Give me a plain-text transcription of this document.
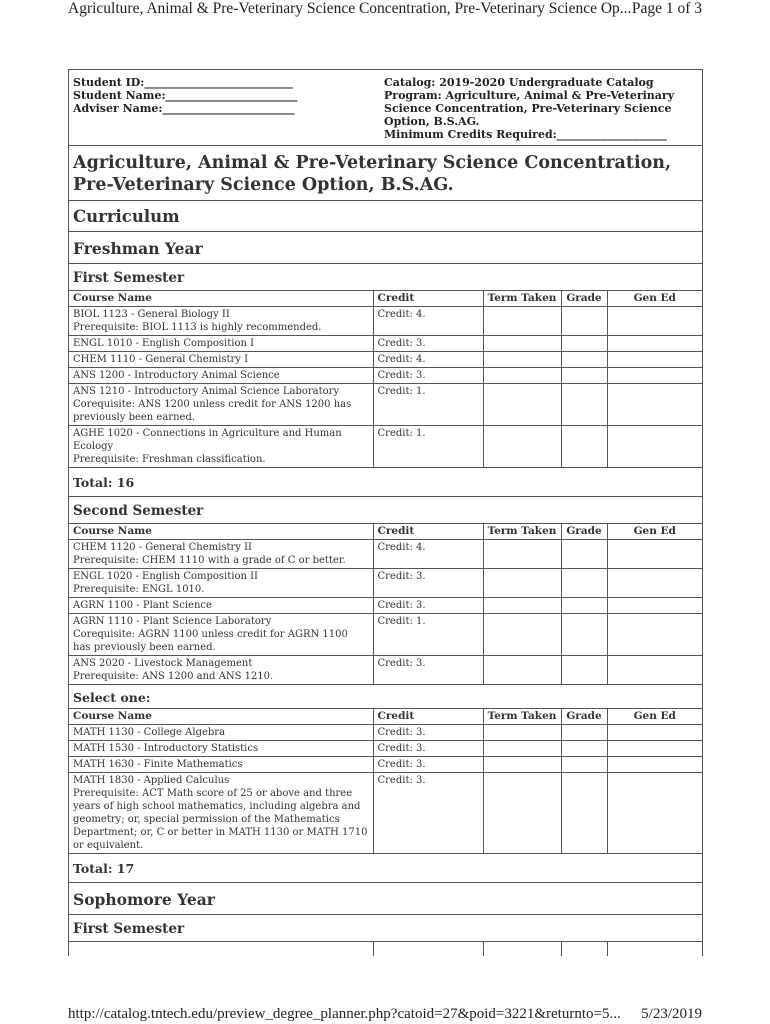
Agriculture, Animal & Pre-Veterinary Science Concentration, Pre-Veterinary Science Op... Page 1 of 3
Student ID:___________________________
Student Name:________________________
Adviser Name:________________________
Catalog: 2019-2020 Undergraduate Catalog
Program: Agriculture, Animal & Pre-Veterinary Science Concentration, Pre-Veterinary Science Option, B.S.AG.
Minimum Credits Required:____________________
Agriculture, Animal & Pre-Veterinary Science Concentration, Pre-Veterinary Science Option, B.S.AG.
Curriculum
Freshman Year
First Semester
Course Name	Credit	Term Taken	Grade	Gen Ed

BIOL 1123 - General Biology II
Prerequisite: BIOL 1113 is highly recommended.	Credit: 4.			

ENGL 1010 - English Composition I	Credit: 3.			

CHEM 1110 - General Chemistry I	Credit: 4.			

ANS 1200 - Introductory Animal Science	Credit: 3.			

ANS 1210 - Introductory Animal Science Laboratory
Corequisite: ANS 1200 unless credit for ANS 1200 has previously been earned.	Credit: 1.			

AGHE 1020 - Connections in Agriculture and Human Ecology
Prerequisite: Freshman classification.	Credit: 1.			
Total: 16
Second Semester
Course Name	Credit	Term Taken	Grade	Gen Ed

CHEM 1120 - General Chemistry II
Prerequisite: CHEM 1110 with a grade of C or better.	Credit: 4.			

ENGL 1020 - English Composition II
Prerequisite: ENGL 1010.	Credit: 3.			

AGRN 1100 - Plant Science	Credit: 3.			

AGRN 1110 - Plant Science Laboratory
Corequisite: AGRN 1100 unless credit for AGRN 1100 has previously been earned.	Credit: 1.			

ANS 2020 - Livestock Management
Prerequisite: ANS 1200 and ANS 1210.	Credit: 3.			
Select one:
Course Name	Credit	Term Taken	Grade	Gen Ed

MATH 1130 - College Algebra	Credit: 3.			

MATH 1530 - Introductory Statistics	Credit: 3.			

MATH 1630 - Finite Mathematics	Credit: 3.			

MATH 1830 - Applied Calculus
Prerequisite: ACT Math score of 25 or above and three years of high school mathematics, including algebra and geometry; or, special permission of the Mathematics Department; or, C or better in MATH 1130 or MATH 1710 or equivalent.	Credit: 3.			
Total: 17
Sophomore Year
First Semester

http://catalog.tntech.edu/preview_degree_planner.php?catoid=27&poid=3221&returnto=5... 5/23/2019
